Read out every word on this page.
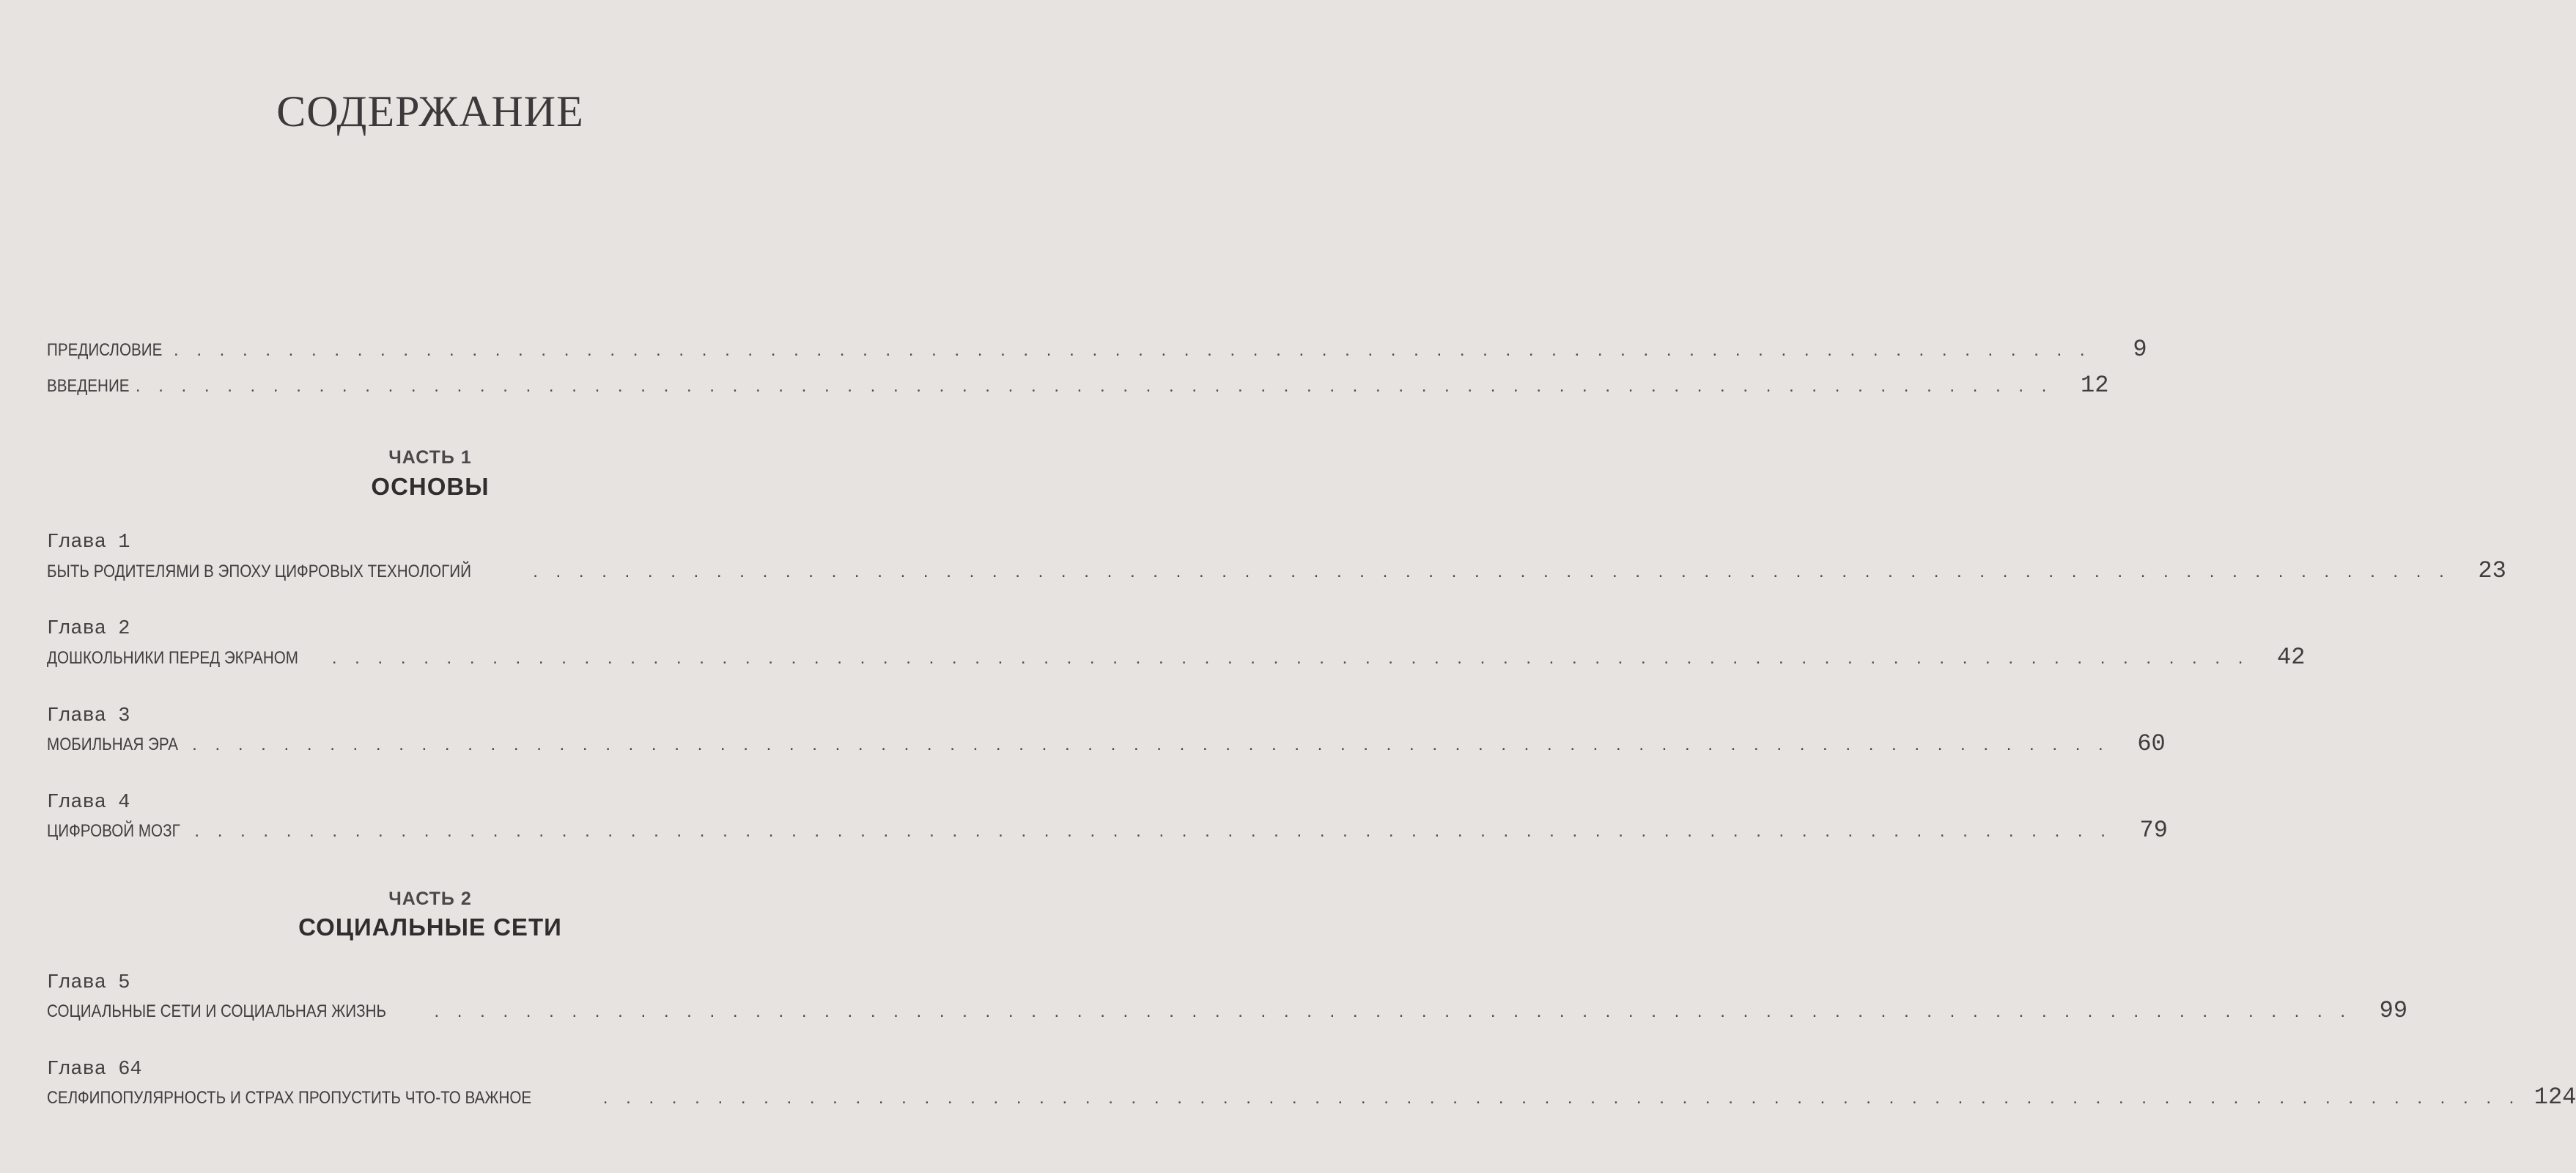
СОДЕРЖАНИЕ
ПРЕДИСЛОВИЕ . . . . . . . . . . . . . . . . . . . . . . . . . . . . . . . . . . . . . . . . . . . . . . . . . . . . . . . . . . . . . . . . . . . . . . . . . . . . . . . . . . . .	9
ВВЕДЕНИЕ . . . . . . . . . . . . . . . . . . . . . . . . . . . . . . . . . . . . . . . . . . . . . . . . . . . . . . . . . . . . . . . . . . . . . . . . . . . . . . . . . . . .	12
ЧАСТЬ 1
ОСНОВЫ
Глава 1
БЫТЬ РОДИТЕЛЯМИ В ЭПОХУ ЦИФРОВЫХ ТЕХНОЛОГИЙ	. . . . . . . . . . . . . . . . . . . . . . . . . . . . . . . . . . . . . . . . . . . . . . . . . . . . . . . . . . . . . . . . . . . . . . . . . . . . . . . . . . . .	23
Глава 2
ДОШКОЛЬНИКИ ПЕРЕД ЭКРАНОМ . . . . . . . . . . . . . . . . . . . . . . . . . . . . . . . . . . . . . . . . . . . . . . . . . . . . . . . . . . . . . . . . . . . . . . . . . . . . . . . . . . . .	42
Глава 3
МОБИЛЬНАЯ ЭРА . . . . . . . . . . . . . . . . . . . . . . . . . . . . . . . . . . . . . . . . . . . . . . . . . . . . . . . . . . . . . . . . . . . . . . . . . . . . . . . . . . . .	60
Глава 4
ЦИФРОВОЙ МОЗГ . . . . . . . . . . . . . . . . . . . . . . . . . . . . . . . . . . . . . . . . . . . . . . . . . . . . . . . . . . . . . . . . . . . . . . . . . . . . . . . . . . . .	79
ЧАСТЬ 2
СОЦИАЛЬНЫЕ СЕТИ
Глава 5
СОЦИАЛЬНЫЕ СЕТИ И СОЦИАЛЬНАЯ ЖИЗНЬ	. . . . . . . . . . . . . . . . . . . . . . . . . . . . . . . . . . . . . . . . . . . . . . . . . . . . . . . . . . . . . . . . . . . . . . . . . . . . . . . . . . . .	99
Глава 64
СЕЛФИПОПУЛЯРНОСТЬ И СТРАХ ПРОПУСТИТЬ ЧТО-ТО ВАЖНОЕ	. . . . . . . . . . . . . . . . . . . . . . . . . . . . . . . . . . . . . . . . . . . . . . . . . . . . . . . . . . . . . . . . . . . . . . . . . . . . . . . . . . . . 124
